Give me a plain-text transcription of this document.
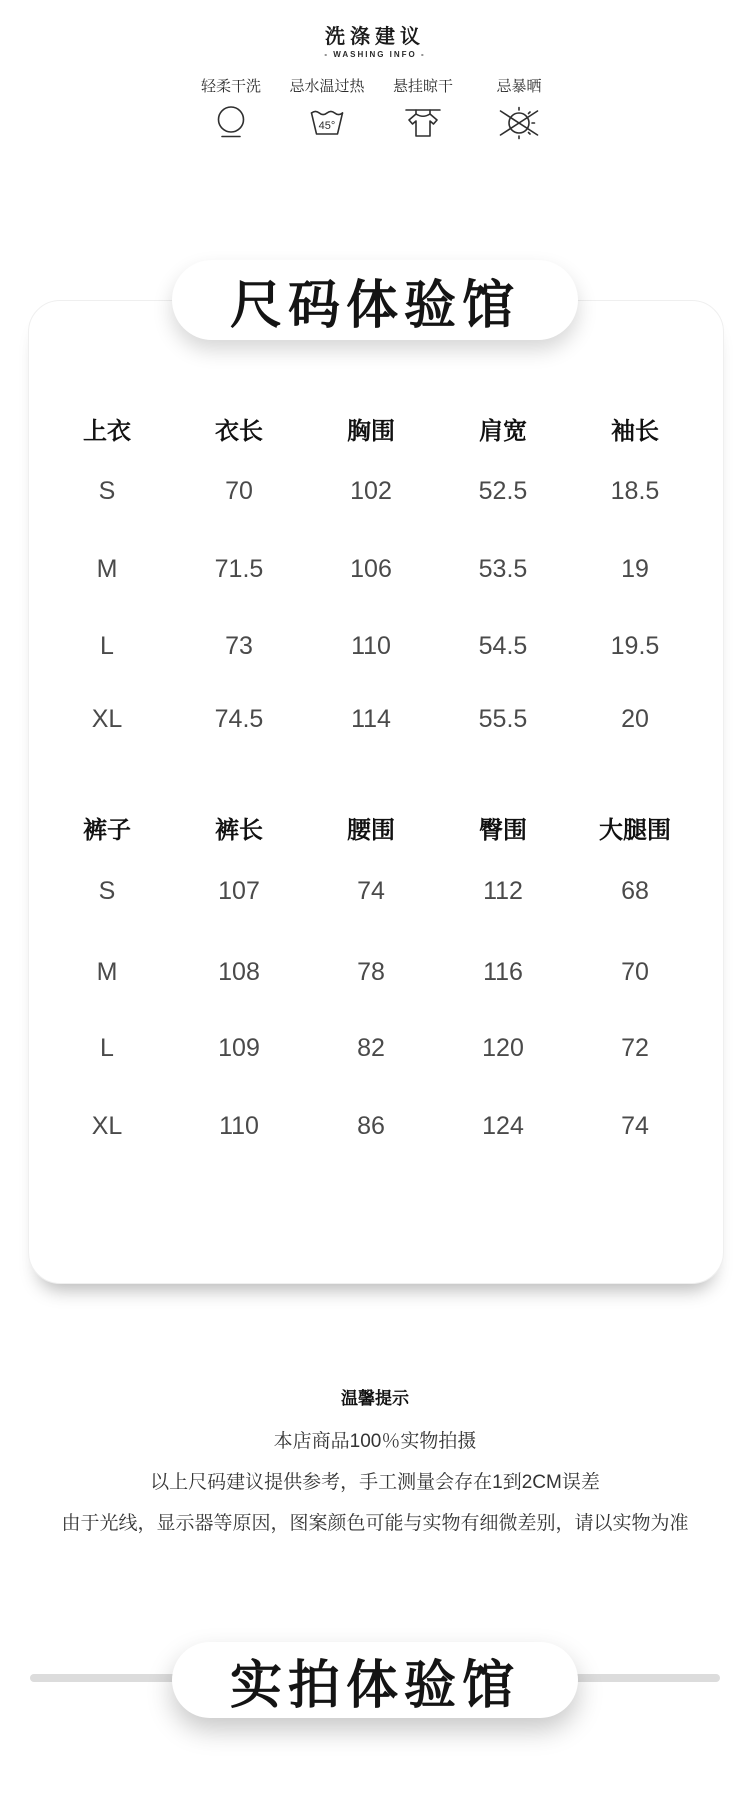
洗涤建议
- WASHING INFO -
轻柔干洗 忌水温过热
45°
悬挂晾干	忌暴晒
尺码体验馆
上衣	衣长	胸围	肩宽	袖长
S	70	102	52.5	18.5
M	71.5	106	53.5	19
L	73	110	54.5	19.5
XL	74.5	114	55.5	20
裤子	裤长	腰围	臀围	大腿围
S	107	74	112	68
M	108	78	116	70
L	109	82	120	72
XL	110	86	124	74

温馨提示

本店商品100％实物拍摄

以上尺码建议提供参考，手工测量会存在1到2CM误差

由于光线，显示器等原因，图案颜色可能与实物有细微差别，请以实物为准

实拍体验馆
